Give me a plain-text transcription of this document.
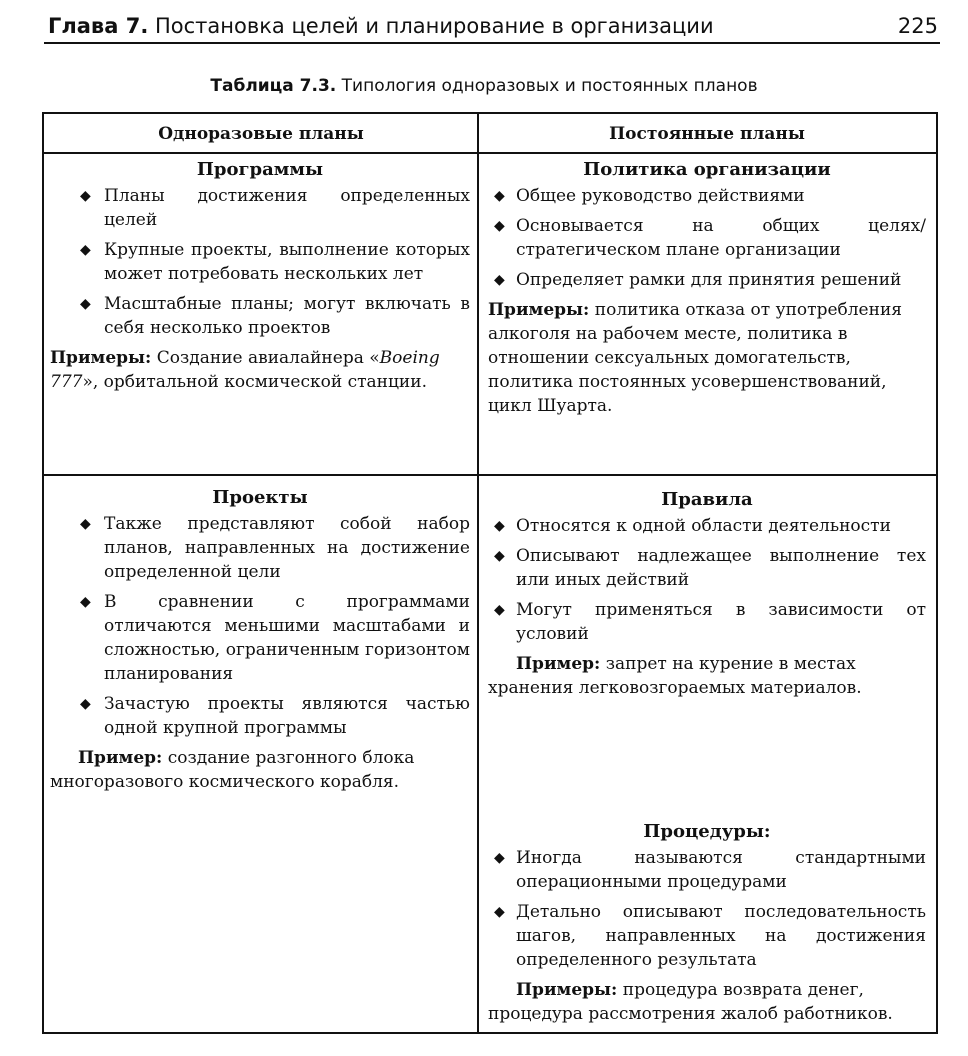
Глава 7. Постановка целей и планирование в организации	225
Таблица 7.3. Типология одноразовых и постоянных планов
Одноразовые планы	Постоянные планы
Программы
◆ Планы достижения определенных целей
◆ Крупные проекты, выполнение которых может потребовать нескольких лет
◆ Масштабные планы; могут включать в себя несколько проектов
Примеры: Создание авиалайнера «Boeing 777», орбитальной космической станции.
Политика организации
◆ Общее руководство действиями
◆ Основывается на общих целях/стратегическом плане организации
◆ Определяет рамки для принятия решений
Примеры: политика отказа от употребления алкоголя на рабочем месте, политика в отношении сексуальных домогательств, политика постоянных усовершенствований, цикл Шуарта.
Проекты
◆ Также представляют собой набор планов, направленных на достижение определенной цели
◆ В сравнении с программами отличаются меньшими масштабами и сложностью, ограниченным горизонтом планирования
◆ Зачастую проекты являются частью одной крупной программы
Пример: создание разгонного блока многоразового космического корабля.
Правила
◆ Относятся к одной области деятельности
◆ Описывают надлежащее выполнение тех или иных действий
◆ Могут применяться в зависимости от условий
Пример: запрет на курение в местах хранения легковозгораемых материалов.
Процедуры:
◆ Иногда называются стандартными операционными процедурами
◆ Детально описывают последовательность шагов, направленных на достижения определенного результата
Примеры: процедура возврата денег, процедура рассмотрения жалоб работников.
